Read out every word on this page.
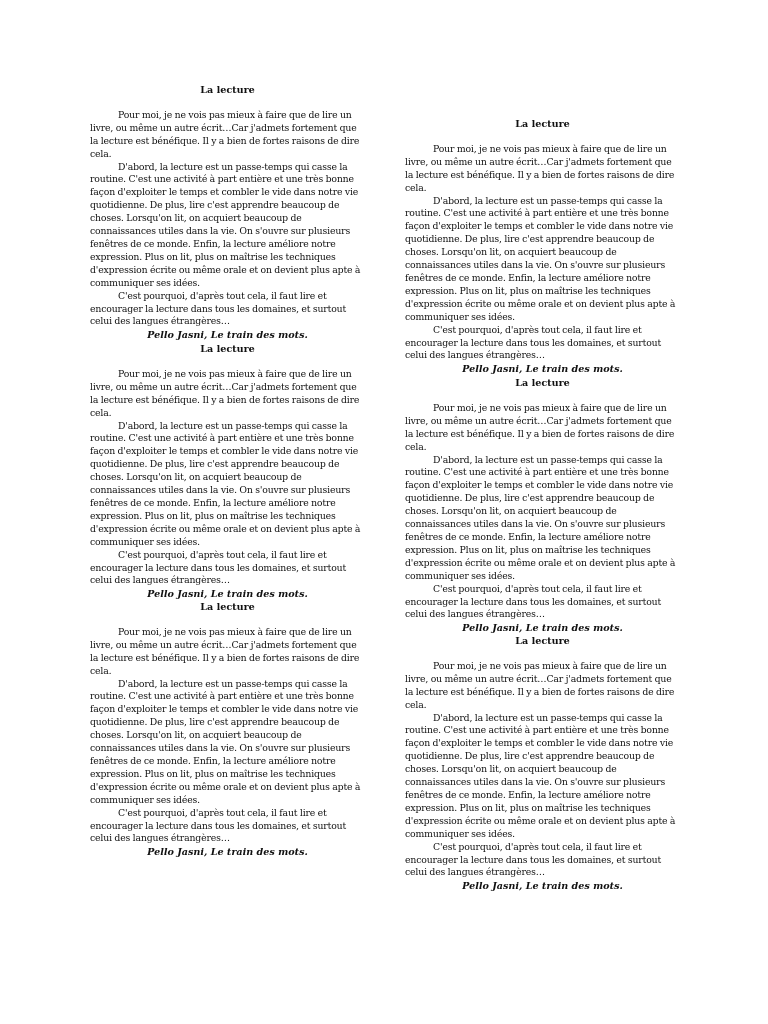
La lecture

Pour moi, je ne vois pas mieux à faire que de lire un livre, ou même un autre écrit…Car j'admets fortement que la lecture est bénéfique. Il y a bien de fortes raisons de dire cela.

D'abord, la lecture est un passe-temps qui casse la routine. C'est une activité à part entière et une très bonne façon d'exploiter le temps et combler le vide dans notre vie quotidienne. De plus, lire c'est apprendre beaucoup de choses. Lorsqu'on lit, on acquiert beaucoup de connaissances utiles dans la vie. On s'ouvre sur plusieurs fenêtres de ce monde. Enfin, la lecture améliore notre expression. Plus on lit, plus on maîtrise les techniques d'expression écrite ou même orale et on devient plus apte à communiquer ses idées.

C'est pourquoi, d'après tout cela, il faut lire et encourager la lecture dans tous les domaines, et surtout celui des langues étrangères…

Pello Jasni, Le train des mots.

La lecture

Pour moi, je ne vois pas mieux à faire que de lire un livre, ou même un autre écrit…Car j'admets fortement que la lecture est bénéfique. Il y a bien de fortes raisons de dire cela.

D'abord, la lecture est un passe-temps qui casse la routine. C'est une activité à part entière et une très bonne façon d'exploiter le temps et combler le vide dans notre vie quotidienne. De plus, lire c'est apprendre beaucoup de choses. Lorsqu'on lit, on acquiert beaucoup de connaissances utiles dans la vie. On s'ouvre sur plusieurs fenêtres de ce monde. Enfin, la lecture améliore notre expression. Plus on lit, plus on maîtrise les techniques d'expression écrite ou même orale et on devient plus apte à communiquer ses idées.

C'est pourquoi, d'après tout cela, il faut lire et encourager la lecture dans tous les domaines, et surtout celui des langues étrangères…

Pello Jasni, Le train des mots.

La lecture

Pour moi, je ne vois pas mieux à faire que de lire un livre, ou même un autre écrit…Car j'admets fortement que la lecture est bénéfique. Il y a bien de fortes raisons de dire cela.

D'abord, la lecture est un passe-temps qui casse la routine. C'est une activité à part entière et une très bonne façon d'exploiter le temps et combler le vide dans notre vie quotidienne. De plus, lire c'est apprendre beaucoup de choses. Lorsqu'on lit, on acquiert beaucoup de connaissances utiles dans la vie. On s'ouvre sur plusieurs fenêtres de ce monde. Enfin, la lecture améliore notre expression. Plus on lit, plus on maîtrise les techniques d'expression écrite ou même orale et on devient plus apte à communiquer ses idées.

C'est pourquoi, d'après tout cela, il faut lire et encourager la lecture dans tous les domaines, et surtout celui des langues étrangères…

Pello Jasni, Le train des mots.

La lecture

Pour moi, je ne vois pas mieux à faire que de lire un livre, ou même un autre écrit…Car j'admets fortement que la lecture est bénéfique. Il y a bien de fortes raisons de dire cela.

D'abord, la lecture est un passe-temps qui casse la routine. C'est une activité à part entière et une très bonne façon d'exploiter le temps et combler le vide dans notre vie quotidienne. De plus, lire c'est apprendre beaucoup de choses. Lorsqu'on lit, on acquiert beaucoup de connaissances utiles dans la vie. On s'ouvre sur plusieurs fenêtres de ce monde. Enfin, la lecture améliore notre expression. Plus on lit, plus on maîtrise les techniques d'expression écrite ou même orale et on devient plus apte à communiquer ses idées.

C'est pourquoi, d'après tout cela, il faut lire et encourager la lecture dans tous les domaines, et surtout celui des langues étrangères…

Pello Jasni, Le train des mots.

La lecture

Pour moi, je ne vois pas mieux à faire que de lire un livre, ou même un autre écrit…Car j'admets fortement que la lecture est bénéfique. Il y a bien de fortes raisons de dire cela.

D'abord, la lecture est un passe-temps qui casse la routine. C'est une activité à part entière et une très bonne façon d'exploiter le temps et combler le vide dans notre vie quotidienne. De plus, lire c'est apprendre beaucoup de choses. Lorsqu'on lit, on acquiert beaucoup de connaissances utiles dans la vie. On s'ouvre sur plusieurs fenêtres de ce monde. Enfin, la lecture améliore notre expression. Plus on lit, plus on maîtrise les techniques d'expression écrite ou même orale et on devient plus apte à communiquer ses idées.

C'est pourquoi, d'après tout cela, il faut lire et encourager la lecture dans tous les domaines, et surtout celui des langues étrangères…

Pello Jasni, Le train des mots.

La lecture

Pour moi, je ne vois pas mieux à faire que de lire un livre, ou même un autre écrit…Car j'admets fortement que la lecture est bénéfique. Il y a bien de fortes raisons de dire cela.

D'abord, la lecture est un passe-temps qui casse la routine. C'est une activité à part entière et une très bonne façon d'exploiter le temps et combler le vide dans notre vie quotidienne. De plus, lire c'est apprendre beaucoup de choses. Lorsqu'on lit, on acquiert beaucoup de connaissances utiles dans la vie. On s'ouvre sur plusieurs fenêtres de ce monde. Enfin, la lecture améliore notre expression. Plus on lit, plus on maîtrise les techniques d'expression écrite ou même orale et on devient plus apte à communiquer ses idées.

C'est pourquoi, d'après tout cela, il faut lire et encourager la lecture dans tous les domaines, et surtout celui des langues étrangères…

Pello Jasni, Le train des mots.
